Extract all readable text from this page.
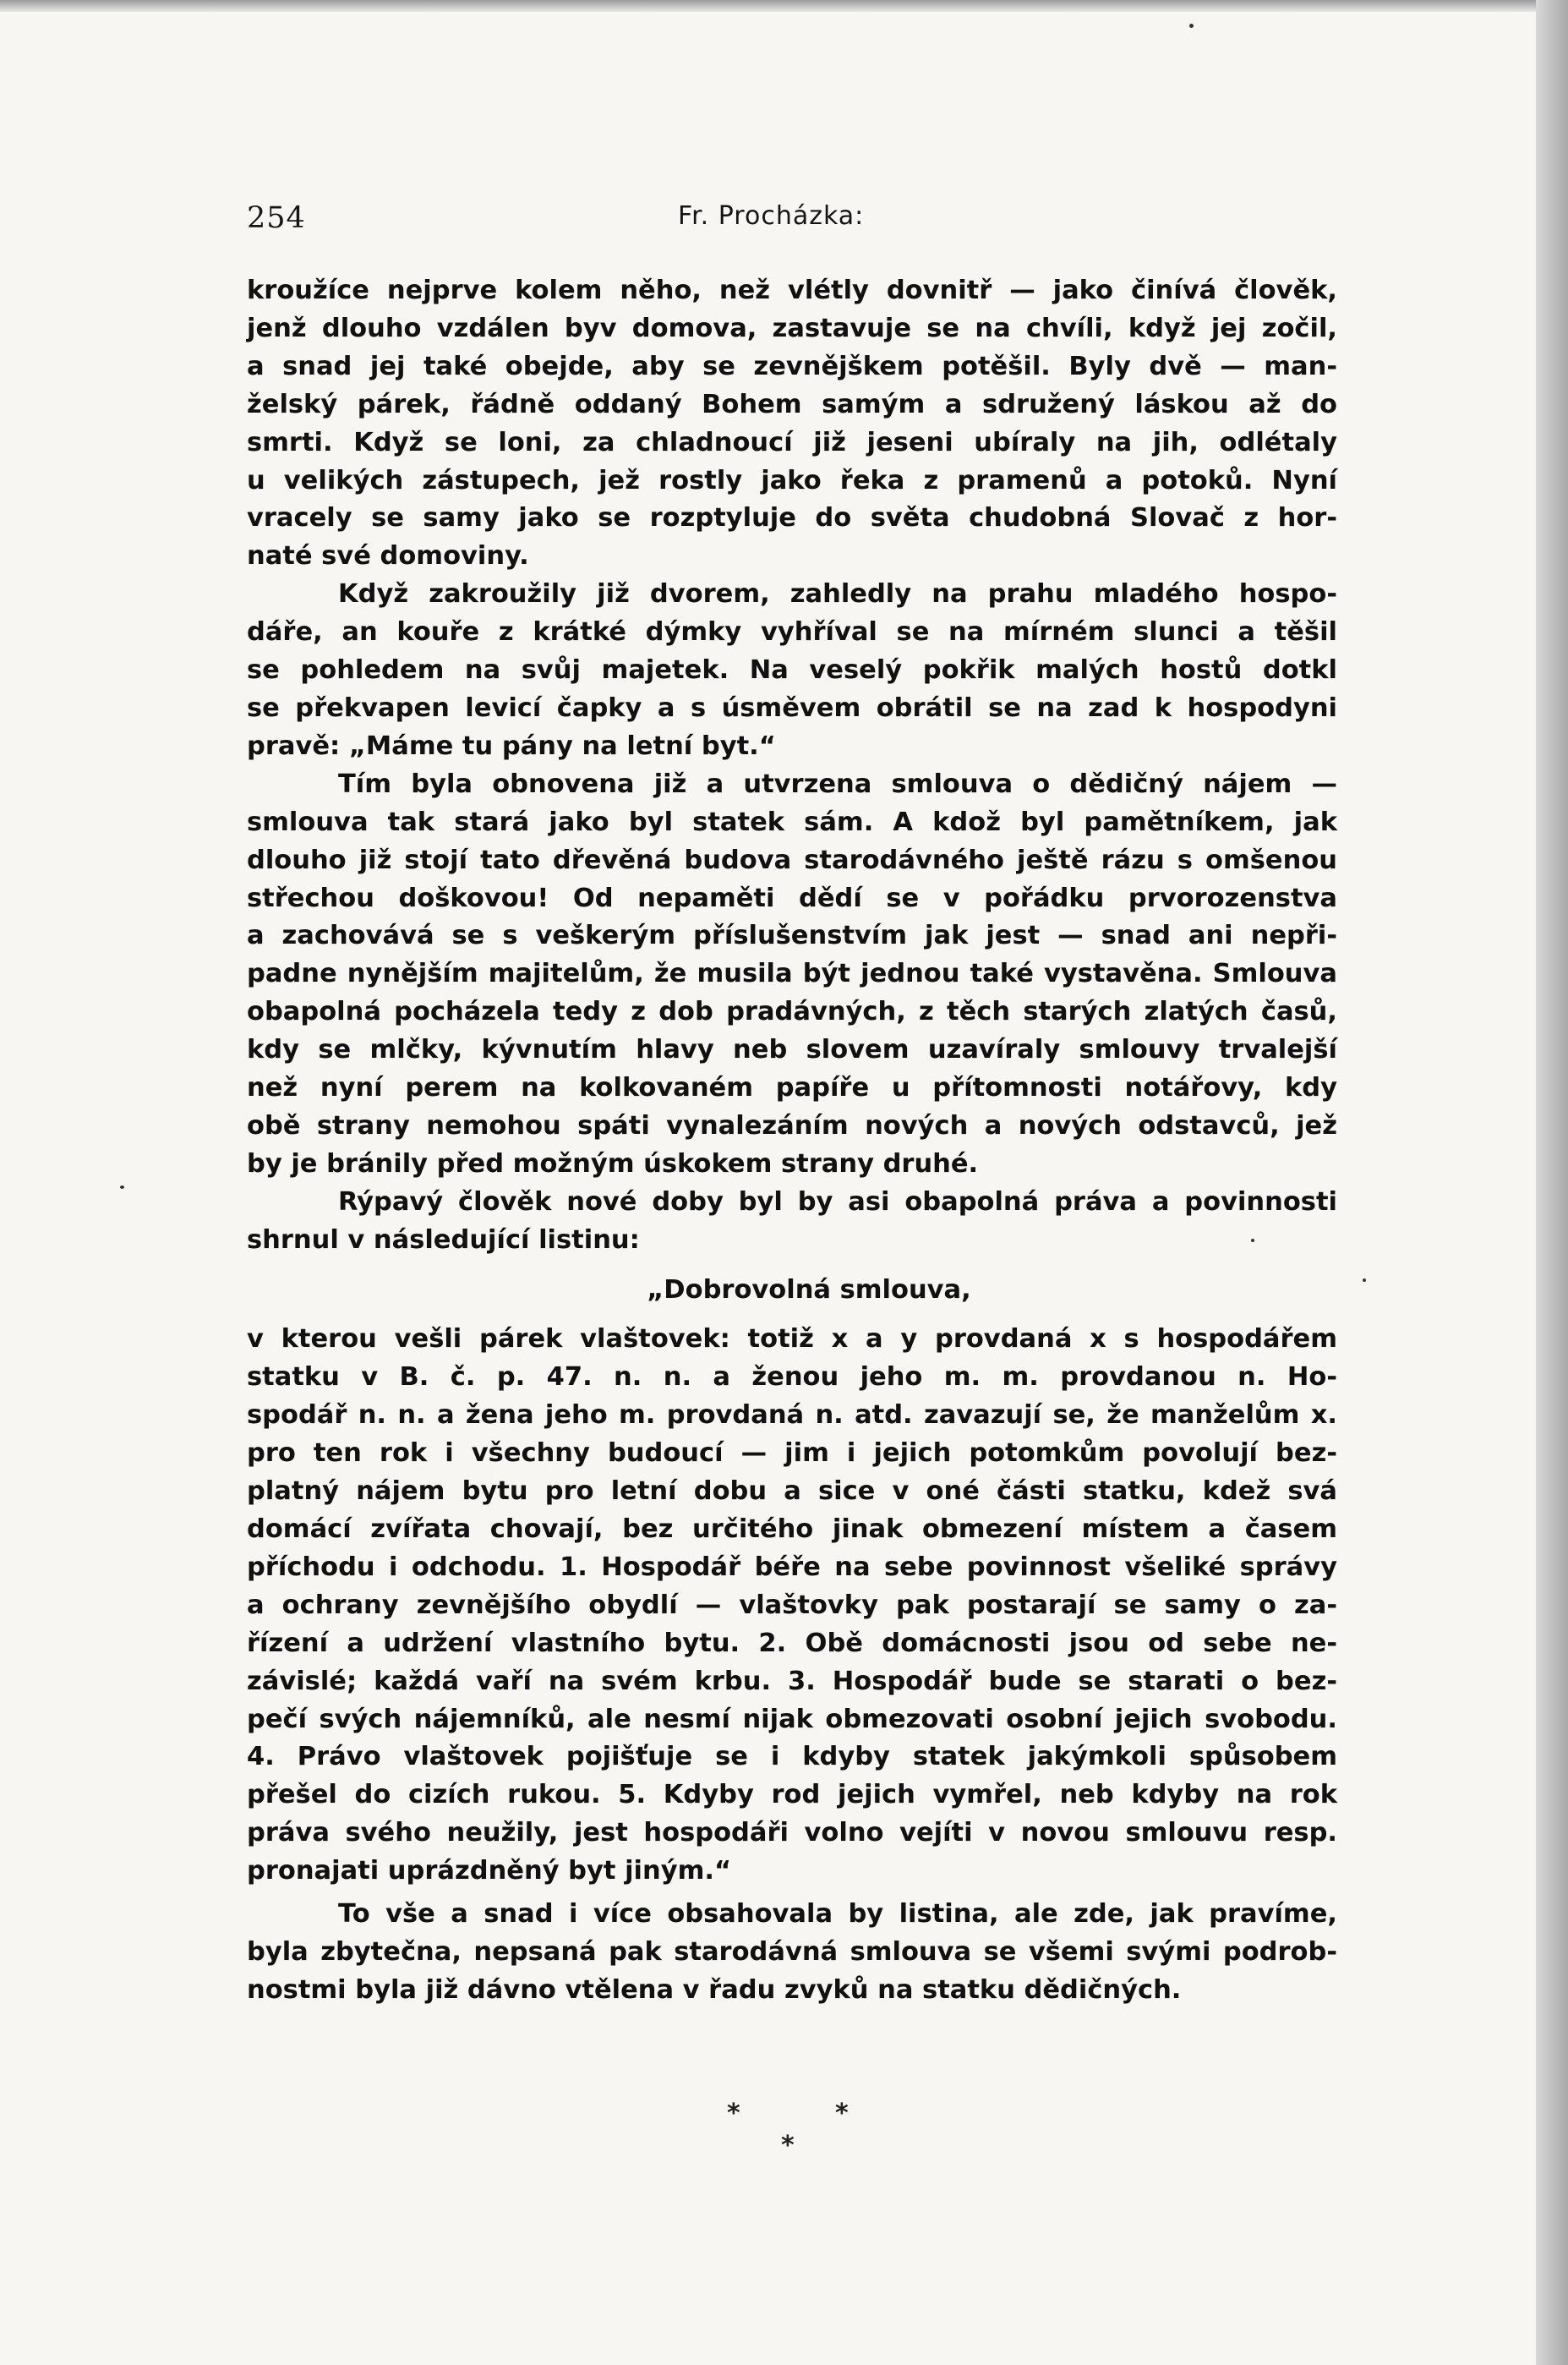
254	Fr. Procházka:
kroužíce nejprve kolem něho, než vlétly dovnitř — jako činívá člověk,
jenž dlouho vzdálen byv domova, zastavuje se na chvíli, když jej zočil,
a snad jej také obejde, aby se zevnějškem potěšil. Byly dvě — man-
želský párek, řádně oddaný Bohem samým a sdružený láskou až do
smrti. Když se loni, za chladnoucí již jeseni ubíraly na jih, odlétaly
u velikých zástupech, jež rostly jako řeka z pramenů a potoků. Nyní
vracely se samy jako se rozptyluje do světa chudobná Slovač z hor-
naté své domoviny.
Když zakroužily již dvorem, zahledly na prahu mladého hospo-
dáře, an kouře z krátké dýmky vyhříval se na mírném slunci a těšil
se pohledem na svůj majetek. Na veselý pokřik malých hostů dotkl
se překvapen levicí čapky a s úsměvem obrátil se na zad k hospodyni
pravě: „Máme tu pány na letní byt.“
Tím byla obnovena již a utvrzena smlouva o dědičný nájem —
smlouva tak stará jako byl statek sám. A kdož byl pamětníkem, jak
dlouho již stojí tato dřevěná budova starodávného ještě rázu s omšenou
střechou doškovou! Od nepaměti dědí se v pořádku prvorozenstva
a zachovává se s veškerým příslušenstvím jak jest — snad ani nepři-
padne nynějším majitelům, že musila být jednou také vystavěna. Smlouva
obapolná pocházela tedy z dob pradávných, z těch starých zlatých časů,
kdy se mlčky, kývnutím hlavy neb slovem uzavíraly smlouvy trvalejší
než nyní perem na kolkovaném papíře u přítomnosti notářovy, kdy
obě strany nemohou spáti vynalezáním nových a nových odstavců, jež
by je bránily před možným úskokem strany druhé.
Rýpavý člověk nové doby byl by asi obapolná práva a povinnosti
shrnul v následující listinu:
„Dobrovolná smlouva,
v kterou vešli párek vlaštovek: totiž x a y provdaná x s hospodářem
statku v B. č. p. 47. n. n. a ženou jeho m. m. provdanou n. Ho-
spodář n. n. a žena jeho m. provdaná n. atd. zavazují se, že manželům x.
pro ten rok i všechny budoucí — jim i jejich potomkům povolují bez-
platný nájem bytu pro letní dobu a sice v oné části statku, kdež svá
domácí zvířata chovají, bez určitého jinak obmezení místem a časem
příchodu i odchodu. 1. Hospodář béře na sebe povinnost všeliké správy
a ochrany zevnějšího obydlí — vlaštovky pak postarají se samy o za-
řízení a udržení vlastního bytu. 2. Obě domácnosti jsou od sebe ne-
závislé; každá vaří na svém krbu. 3. Hospodář bude se starati o bez-
pečí svých nájemníků, ale nesmí nijak obmezovati osobní jejich svobodu.
4. Právo vlaštovek pojišťuje se i kdyby statek jakýmkoli spůsobem
přešel do cizích rukou. 5. Kdyby rod jejich vymřel, neb kdyby na rok
práva svého neužily, jest hospodáři volno vejíti v novou smlouvu resp.
pronajati uprázdněný byt jiným.“
To vše a snad i více obsahovala by listina, ale zde, jak pravíme,
byla zbytečna, nepsaná pak starodávná smlouva se všemi svými podrob-
nostmi byla již dávno vtělena v řadu zvyků na statku dědičných.
*	*
*
